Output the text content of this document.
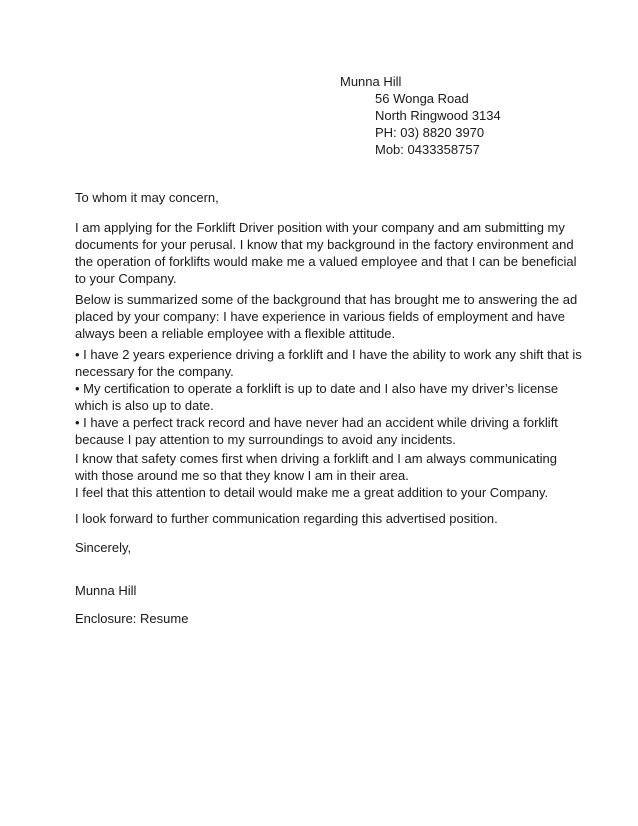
Munna Hill

56 Wonga Road
North Ringwood 3134
PH: 03) 8820 3970
Mob: 0433358757

To whom it may concern,

I am applying for the Forklift Driver position with your company and am submitting my
documents for your perusal. I know that my background in the factory environment and
the operation of forklifts would make me a valued employee and that I can be beneficial
to your Company.

Below is summarized some of the background that has brought me to answering the ad
placed by your company: I have experience in various fields of employment and have
always been a reliable employee with a flexible attitude.

• I have 2 years experience driving a forklift and I have the ability to work any shift that is
necessary for the company.
• My certification to operate a forklift is up to date and I also have my driver’s license
which is also up to date.
• I have a perfect track record and have never had an accident while driving a forklift
because I pay attention to my surroundings to avoid any incidents.

I know that safety comes first when driving a forklift and I am always communicating
with those around me so that they know I am in their area.
I feel that this attention to detail would make me a great addition to your Company.

I look forward to further communication regarding this advertised position.

Sincerely,

Munna Hill

Enclosure: Resume
